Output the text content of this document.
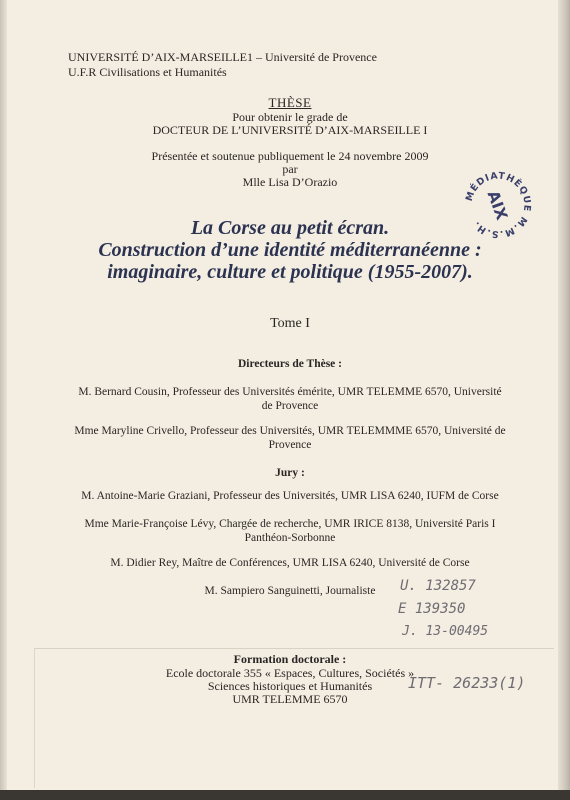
UNIVERSITÉ D’AIX-MARSEILLE1 – Université de Provence
U.F.R Civilisations et Humanités
THÈSE
Pour obtenir le grade de
DOCTEUR DE L’UNIVERSITÉ D’AIX-MARSEILLE I
Présentée et soutenue publiquement le 24 novembre 2009
par
Mlle Lisa D’Orazio
MÉDIATHÈQUE M.M.S.H.
AIX
La Corse au petit écran.
Construction d’une identité méditerranéenne :
imaginaire, culture et politique (1955-2007).
Tome I
Directeurs de Thèse :
M. Bernard Cousin, Professeur des Universités émérite, UMR TELEMME 6570, Université
de Provence
Mme Maryline Crivello, Professeur des Universités, UMR TELEMMME 6570, Université de
Provence
Jury :
M. Antoine-Marie Graziani, Professeur des Universités, UMR LISA 6240, IUFM de Corse
Mme Marie-Françoise Lévy, Chargée de recherche, UMR IRICE 8138, Université Paris I
Panthéon-Sorbonne
M. Didier Rey, Maître de Conférences, UMR LISA 6240, Université de Corse
M. Sampiero Sanguinetti, Journaliste	U. 132857
E 139350
J. 13-00495
ITT- 26233(1)
Formation doctorale :
Ecole doctorale 355 « Espaces, Cultures, Sociétés »
Sciences historiques et Humanités
UMR TELEMME 6570
